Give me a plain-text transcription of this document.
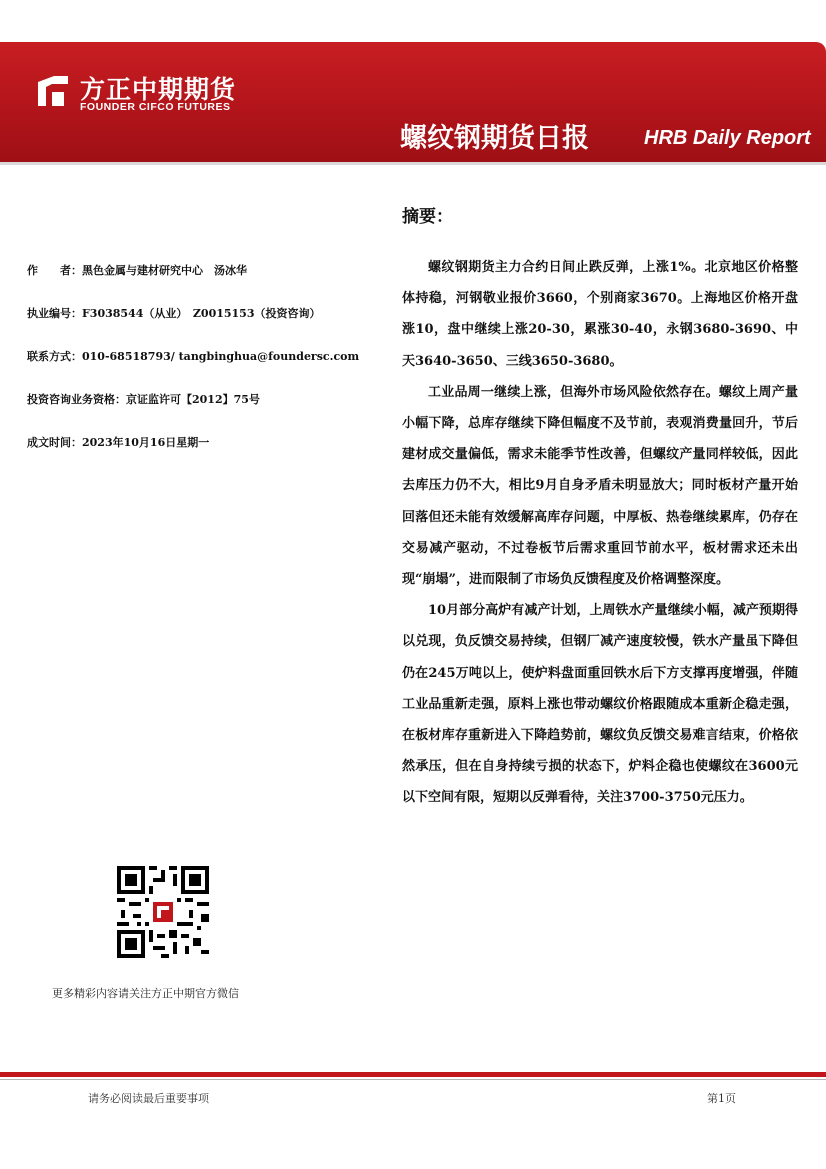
方正中期期货
FOUNDER CIFCO FUTURES
螺纹钢期货日报	HRB Daily Report
作　　者：黑色金属与建材研究中心　汤冰华
执业编号：F3038544（从业）　Z0015153（投资咨询）
联系方式：010-68518793/ tangbinghua@foundersc.com
投资咨询业务资格：京证监许可【2012】75号
成文时间：2023年10月16日星期一
更多精彩内容请关注方正中期官方微信
摘要：

螺纹钢期货主力合约日间止跌反弹，上涨1%。北京地区价格整体持稳，河钢敬业报价3660，个别商家3670。上海地区价格开盘涨10，盘中继续上涨20-30，累涨30-40，永钢3680-3690、中天3640-3650、三线3650-3680。

工业品周一继续上涨，但海外市场风险依然存在。螺纹上周产量小幅下降，总库存继续下降但幅度不及节前，表观消费量回升，节后建材成交量偏低，需求未能季节性改善，但螺纹产量同样较低，因此去库压力仍不大，相比9月自身矛盾未明显放大；同时板材产量开始回落但还未能有效缓解高库存问题，中厚板、热卷继续累库，仍存在交易减产驱动，不过卷板节后需求重回节前水平，板材需求还未出现“崩塌”，进而限制了市场负反馈程度及价格调整深度。

10月部分高炉有减产计划，上周铁水产量继续小幅，减产预期得以兑现，负反馈交易持续，但钢厂减产速度较慢，铁水产量虽下降但仍在245万吨以上，使炉料盘面重回铁水后下方支撑再度增强，伴随工业品重新走强，原料上涨也带动螺纹价格跟随成本重新企稳走强，在板材库存重新进入下降趋势前，螺纹负反馈交易难言结束，价格依然承压，但在自身持续亏损的状态下，炉料企稳也使螺纹在3600元以下空间有限，短期以反弹看待，关注3700-3750元压力。

请务必阅读最后重要事项	第1页
